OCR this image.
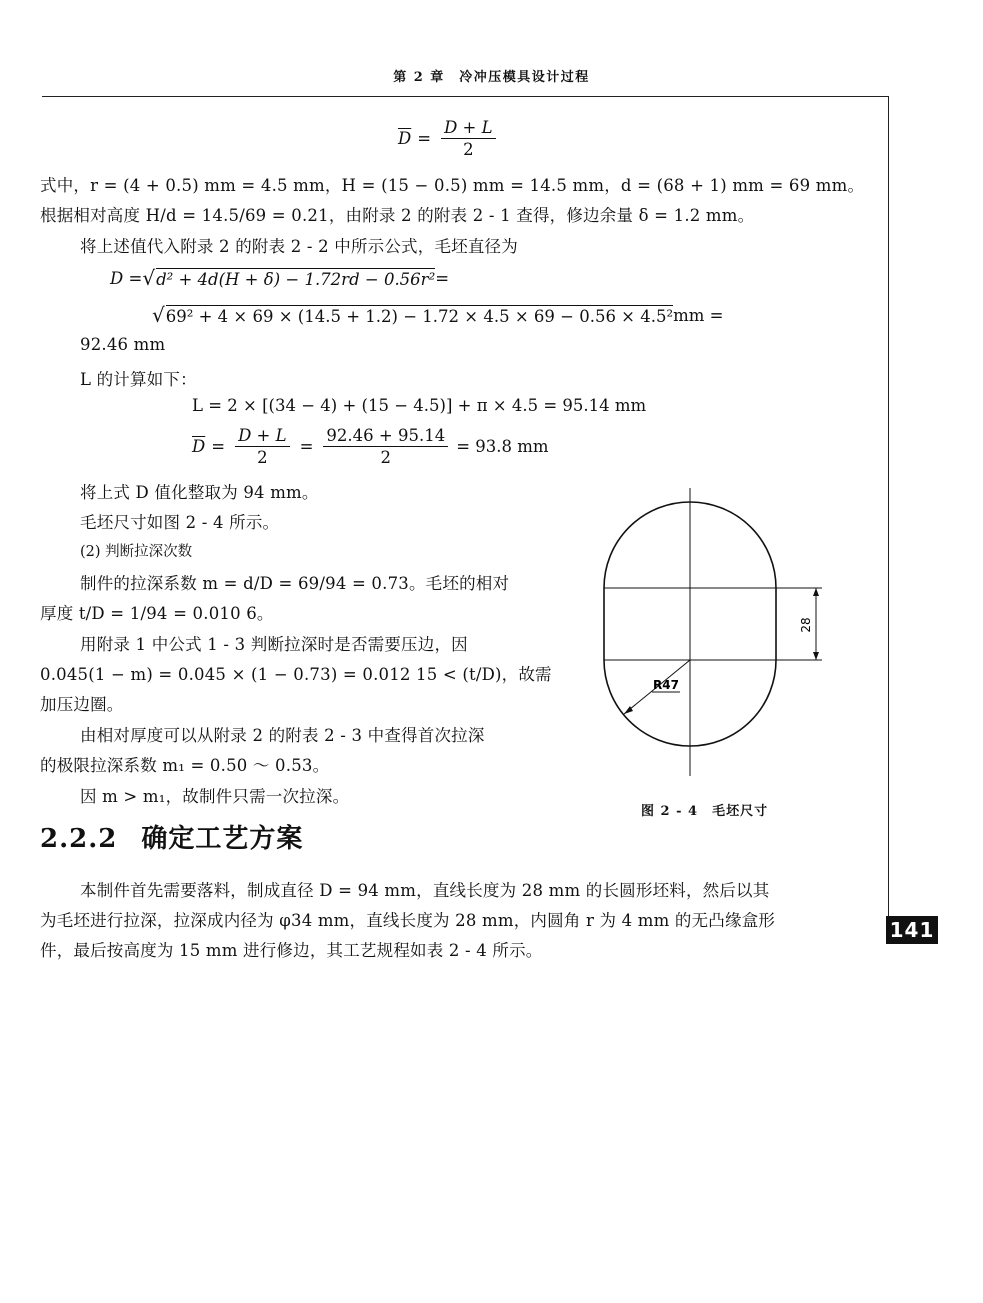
第 2 章　冷冲压模具设计过程
$\overline{D} = \frac{D + L}{2}$
式中，r = (4 + 0.5) mm = 4.5 mm，H = (15 − 0.5) mm = 14.5 mm，d = (68 + 1) mm = 69 mm。
根据相对高度 H/d = 14.5/69 = 0.21，由附录 2 的附表 2 - 1 查得，修边余量 δ = 1.2 mm。
将上述值代入附录 2 的附表 2 - 2 中所示公式，毛坯直径为
D = √ d² + 4d(H + δ) − 1.72rd − 0.56r² =
√ 69² + 4 × 69 × (14.5 + 1.2) − 1.72 × 4.5 × 69 − 0.56 × 4.5² mm =
92.46 mm
L 的计算如下：
L = 2 × [(34 − 4) + (15 − 4.5)] + π × 4.5 = 95.14 mm
$\overline{D} = \frac{D + L}{2} = \frac{92.46 + 95.14}{2} = 93.8$ mm
将上式 D 值化整取为 94 mm。
毛坯尺寸如图 2 - 4 所示。
(2) 判断拉深次数
制件的拉深系数 m = d/D = 69/94 = 0.73。毛坯的相对
厚度 t/D = 1/94 = 0.010 6。
用附录 1 中公式 1 - 3 判断拉深时是否需要压边，因
0.045(1 − m) = 0.045 × (1 − 0.73) = 0.012 15 < (t/D)，故需
加压边圈。
由相对厚度可以从附录 2 的附表 2 - 3 中查得首次拉深
的极限拉深系数 m₁ = 0.50 ～ 0.53。
因 m > m₁，故制件只需一次拉深。
28
R47
图 2 - 4　毛坯尺寸
2.2.2 确定工艺方案
本制件首先需要落料，制成直径 D = 94 mm，直线长度为 28 mm 的长圆形坯料，然后以其
为毛坯进行拉深，拉深成内径为 φ34 mm，直线长度为 28 mm，内圆角 r 为 4 mm 的无凸缘盒形
件，最后按高度为 15 mm 进行修边，其工艺规程如表 2 - 4 所示。
141
